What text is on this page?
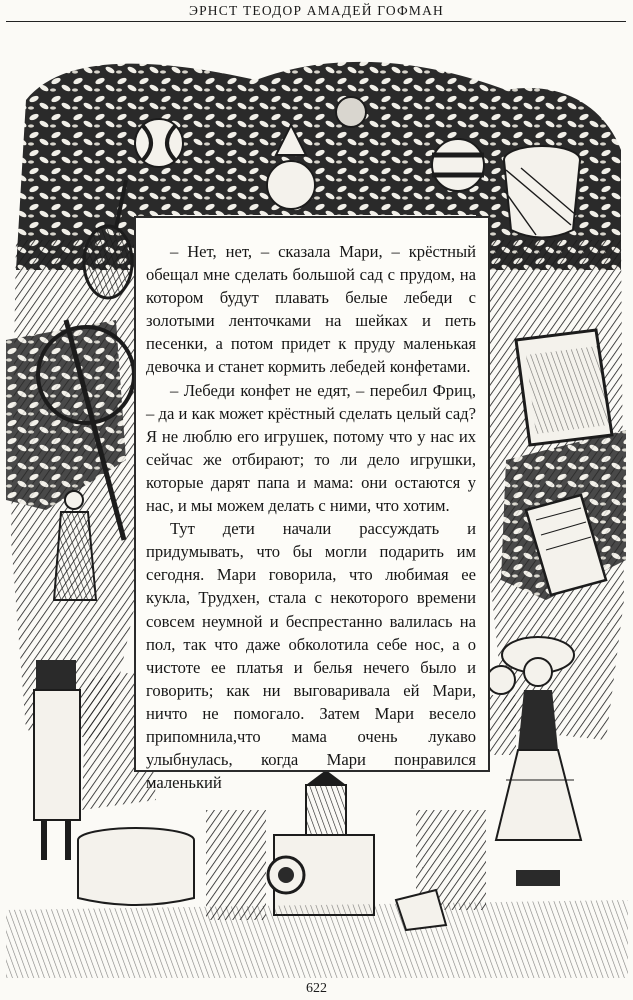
ЭРНСТ ТЕОДОР АМАДЕЙ ГОФМАН

– Нет, нет, – сказала Мари, – крёстный обещал мне сделать большой сад с прудом, на котором будут плавать белые лебеди с золотыми ленточками на шейках и петь песенки, а потом придет к пруду маленькая девочка и станет кормить лебедей конфетами.

– Лебеди конфет не едят, – перебил Фриц, – да и как может крёстный сделать целый сад? Я не люблю его игрушек, потому что у нас их сейчас же отбирают; то ли дело игрушки, которые дарят папа и мама: они остаются у нас, и мы можем делать с ними, что хотим.

Тут дети начали рассуждать и придумывать, что бы могли подарить им сегодня. Мари говорила, что любимая ее кукла, Трудхен, стала с некоторого времени совсем неумной и беспрестанно валилась на пол, так что даже обколотила себе нос, а о чистоте ее платья и белья нечего было и говорить; как ни выговаривала ей Мари, ничто не помогало. Затем Мари весело припомнила,что мама очень лукаво улыбнулась, когда Мари понравился маленький

622
